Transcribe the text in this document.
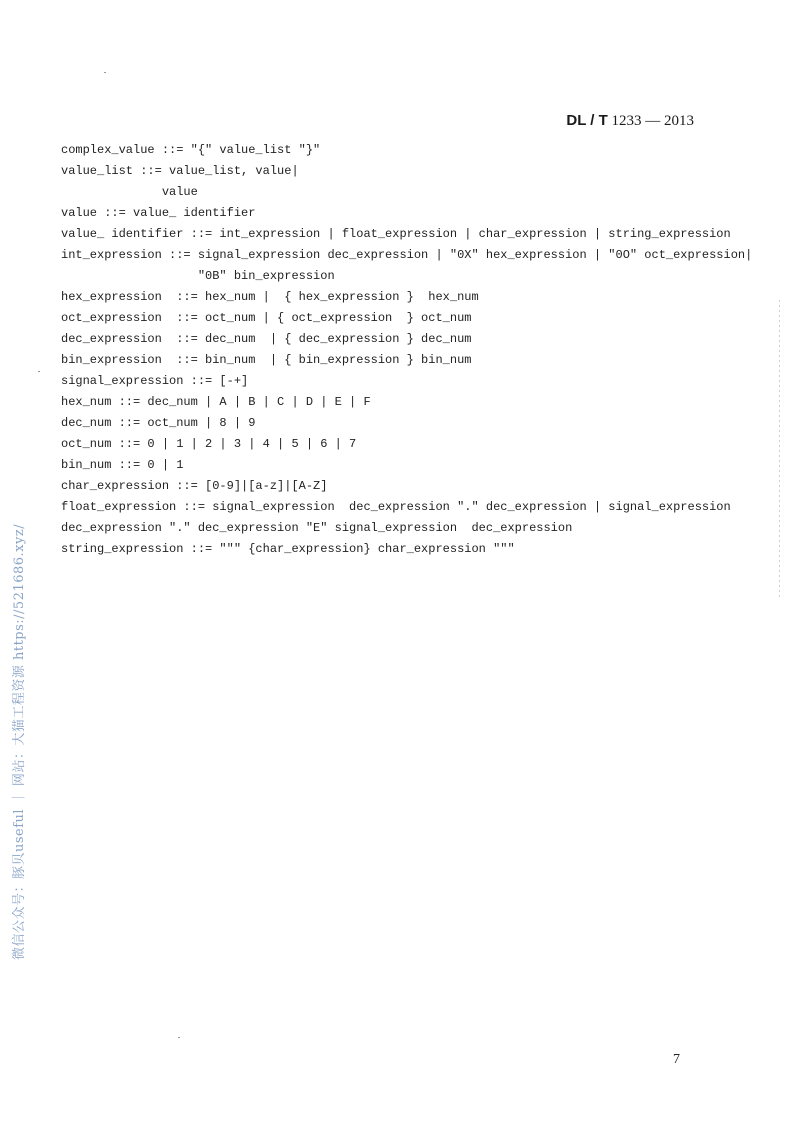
DL / T 1233 — 2013
complex_value ::= "{" value_list "}"
value_list ::= value_list, value|
value
value ::= value_ identifier
value_ identifier ::= int_expression | float_expression | char_expression | string_expression
int_expression ::= signal_expression dec_expression | "0X" hex_expression | "0O" oct_expression|
"0B" bin_expression
hex_expression  ::= hex_num |  { hex_expression }  hex_num
oct_expression  ::= oct_num | { oct_expression  } oct_num
dec_expression  ::= dec_num  | { dec_expression } dec_num
bin_expression  ::= bin_num  | { bin_expression } bin_num
signal_expression ::= [-+]
hex_num ::= dec_num | A | B | C | D | E | F
dec_num ::= oct_num | 8 | 9
oct_num ::= 0 | 1 | 2 | 3 | 4 | 5 | 6 | 7
bin_num ::= 0 | 1
char_expression ::= [0-9]|[a-z]|[A-Z]
float_expression ::= signal_expression  dec_expression "." dec_expression | signal_expression
dec_expression "." dec_expression "E" signal_expression  dec_expression
string_expression ::= """ {char_expression} char_expression """
微信公众号：豚贝useful ｜ 网站：大猫工程资源 https://521686.xyz/
7
